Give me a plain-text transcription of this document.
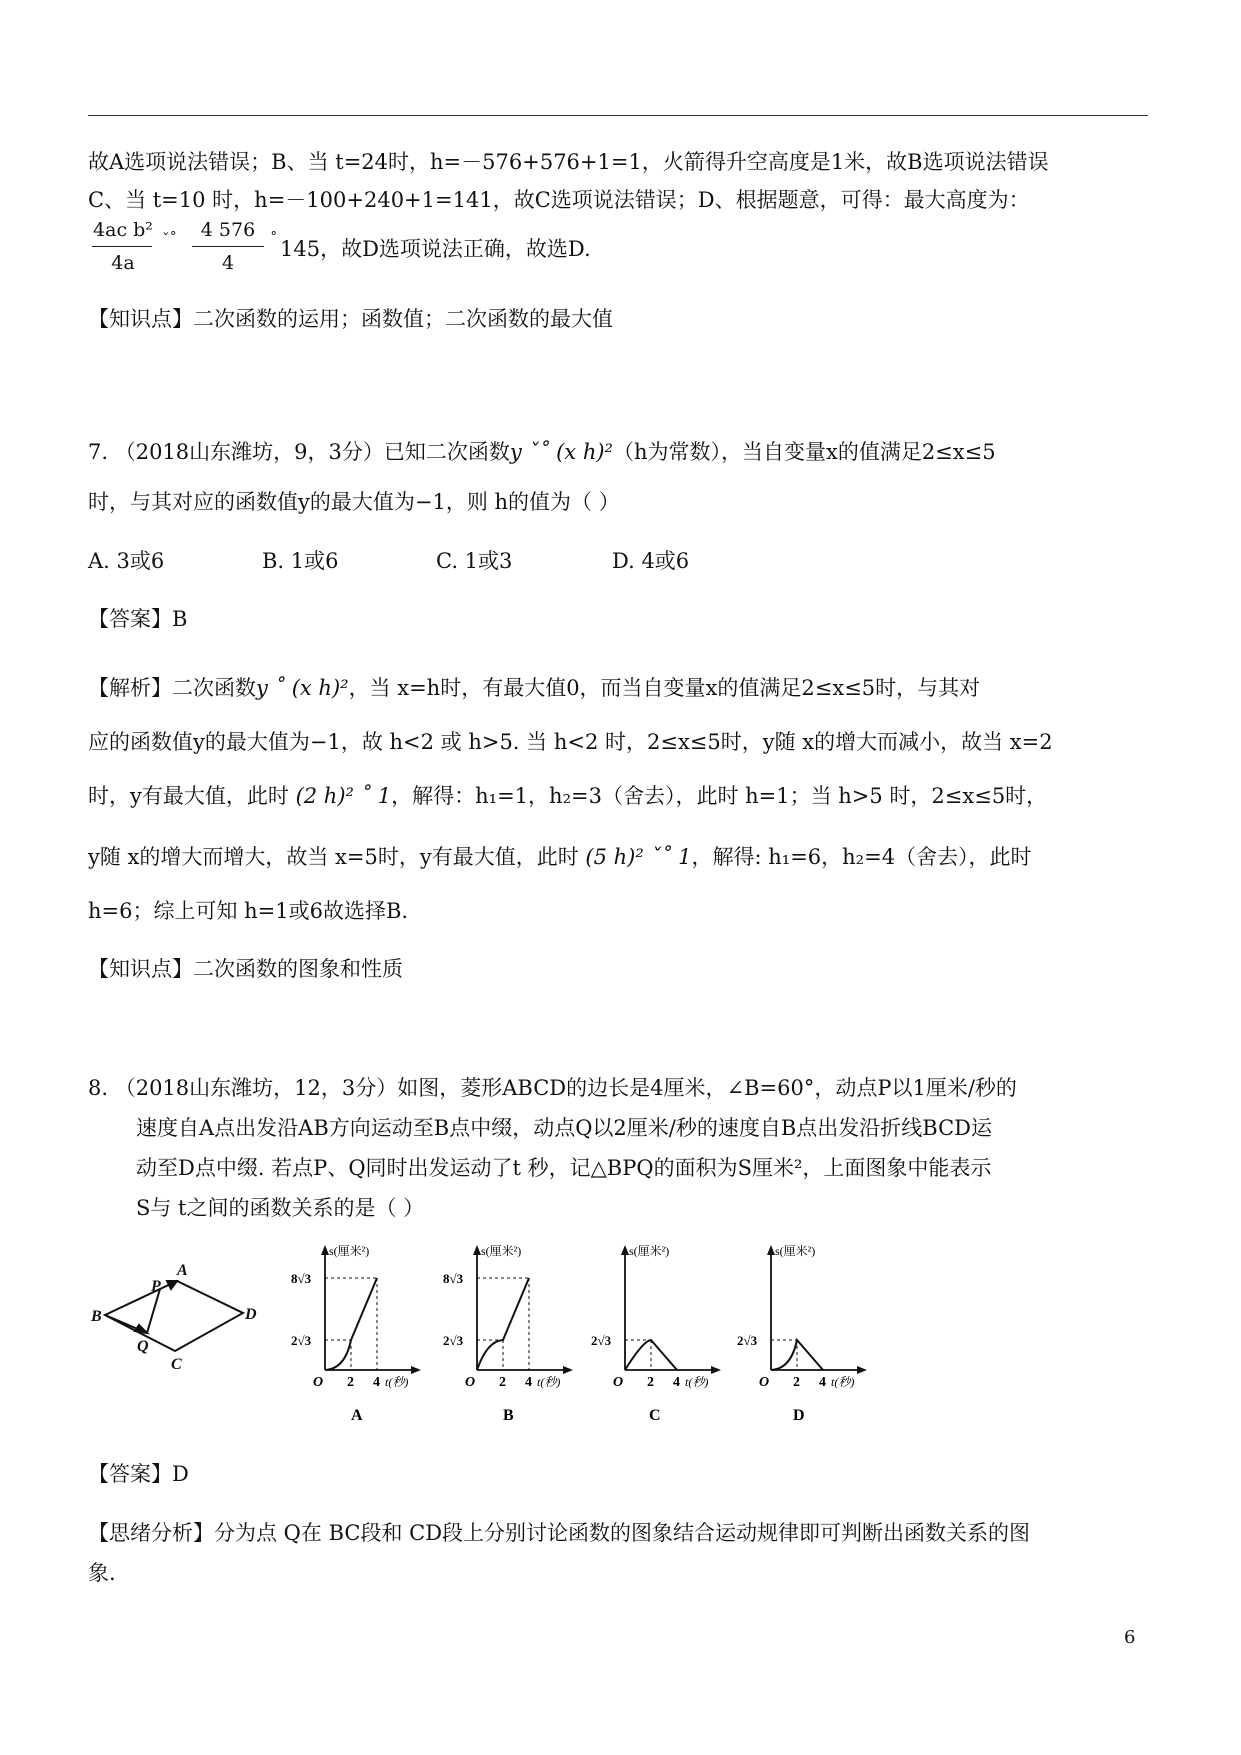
故A选项说法错误；B、当 t=24时，h=－576+576+1=1，火箭得升空高度是1米，故B选项说法错误
C、当 t=10 时，h=－100+240+1=141，故C选项说法错误；D、根据题意，可得：最大高度为：
4ac b²
4a
ˇ˚	4 576
4
˚ 145，故D选项说法正确，故选D.
【知识点】二次函数的运用；函数值；二次函数的最大值
7. （2018山东潍坊，9，3分）已知二次函数y ˇ˚ (x h)²（h为常数），当自变量x的值满足2≤x≤5
时，与其对应的函数值y的最大值为−1，则 h的值为（ ）
A. 3或6	B. 1或6	C. 1或3	D. 4或6
【答案】B
【解析】二次函数y ˚ (x h)²，当 x=h时，有最大值0，而当自变量x的值满足2≤x≤5时，与其对
应的函数值y的最大值为−1，故 h<2 或 h>5. 当 h<2 时，2≤x≤5时，y随 x的增大而减小，故当 x=2
时，y有最大值，此时 (2 h)² ˚ 1，解得：h₁=1，h₂=3（舍去），此时 h=1；当 h>5 时，2≤x≤5时，
y随 x的增大而增大，故当 x=5时，y有最大值，此时 (5 h)² ˇ˚ 1，解得: h₁=6，h₂=4（舍去），此时
h=6；综上可知 h=1或6故选择B.
【知识点】二次函数的图象和性质
8. （2018山东潍坊，12，3分）如图，菱形ABCD的边长是4厘米，∠B=60°，动点P以1厘米/秒的
速度自A点出发沿AB方向运动至B点中缀，动点Q以2厘米/秒的速度自B点出发沿折线BCD运
动至D点中缀. 若点P、Q同时出发运动了t 秒，记△BPQ的面积为S厘米²，上面图象中能表示
S与 t之间的函数关系的是（ ）
A
B
C
D
P
Q
s(厘米²)
8√3
2√3
O 2 4 t(秒)
A
s(厘米²)
8√3
2√3
O 2 4 t(秒)
B
s(厘米²)
2√3
O 2 4 t(秒)
C
s(厘米²)
2√3
O 2 4 t(秒)
D
【答案】D
【思绪分析】分为点 Q在 BC段和 CD段上分别讨论函数的图象结合运动规律即可判断出函数关系的图
象.
6
